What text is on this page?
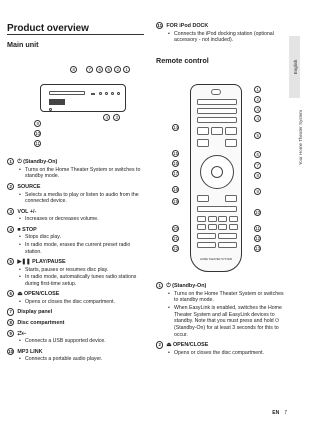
English
Your Home Theater System
Product overview
Main unit
8	7	6	5	2	1
4	3
9
10
11
1 ⏻ (Standby-On)
• Turns on the Home Theater System or switches to standby mode.
2 SOURCE
• Selects a media to play or listen to audio from the connected device.
3 VOL +/-
• Increases or decreases volume.
4 ■ STOP
• Stops disc play.
• In radio mode, erases the current preset radio station.
5 ▶❚❚ PLAY/PAUSE
• Starts, pauses or resumes disc play.
• In radio mode, automatically tunes radio stations during first-time setup.
6 ⏏ OPEN/CLOSE
• Opens or closes the disc compartment.
7 Display panel
8 Disc compartment
9 ⮂⇠
• Connects a USB supported device.
10 MP3 LINK
• Connects a portable audio player.
11 FOR iPod DOCK
• Connects the iPod docking station (optional accessory - not included).
Remote control
HOME THEATER SYSTEM
1
2
3
4
5
6
7
8
9
10
11
12
13
14
15
16
17
18
19
20
21
22
1 ⏻ (Standby-On)
• Turns on the Home Theater System or switches to standby mode.
• When EasyLink is enabled, switches the Home Theater System and all EasyLink devices to standby. Note that you must press and hold ⏻ (Standby-On) for at least 3 seconds for this to occur.
2 ⏏ OPEN/CLOSE
• Opens or closes the disc compartment.
EN 7
